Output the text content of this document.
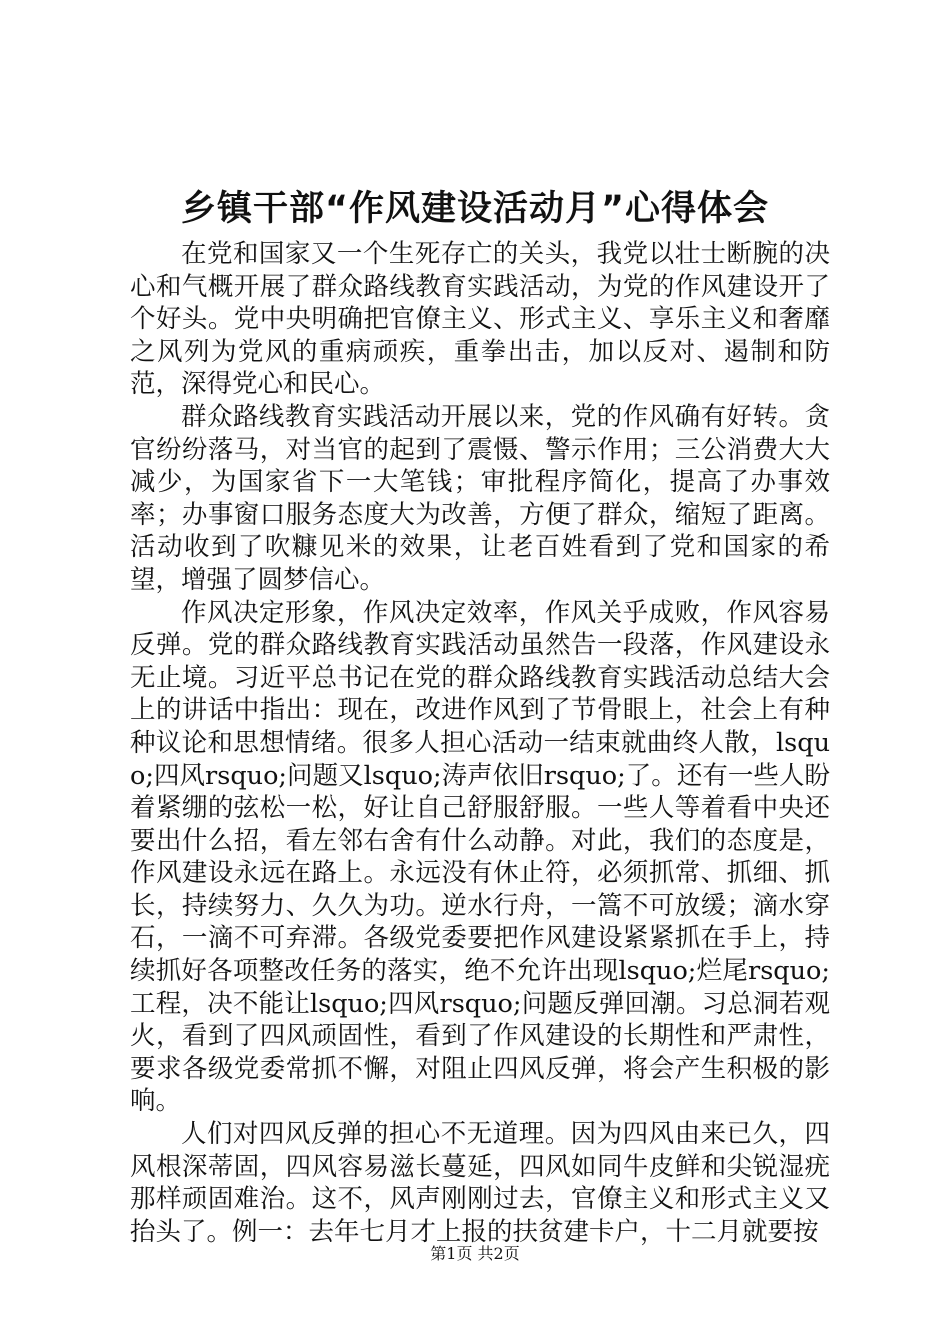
乡镇干部“作风建设活动月”心得体会

在党和国家又一个生死存亡的关头，我党以壮士断腕的决心和气概开展了群众路线教育实践活动，为党的作风建设开了个好头。党中央明确把官僚主义、形式主义、享乐主义和奢靡之风列为党风的重病顽疾，重拳出击，加以反对、遏制和防范，深得党心和民心。

群众路线教育实践活动开展以来，党的作风确有好转。贪官纷纷落马，对当官的起到了震慑、警示作用；三公消费大大减少，为国家省下一大笔钱；审批程序简化，提高了办事效率；办事窗口服务态度大为改善，方便了群众，缩短了距离。活动收到了吹糠见米的效果，让老百姓看到了党和国家的希望，增强了圆梦信心。

作风决定形象，作风决定效率，作风关乎成败，作风容易反弹。党的群众路线教育实践活动虽然告一段落，作风建设永无止境。习近平总书记在党的群众路线教育实践活动总结大会上的讲话中指出：现在，改进作风到了节骨眼上，社会上有种种议论和思想情绪。很多人担心活动一结束就曲终人散，lsquo;四风rsquo;问题又lsquo;涛声依旧rsquo;了。还有一些人盼着紧绷的弦松一松，好让自己舒服舒服。一些人等着看中央还要出什么招，看左邻右舍有什么动静。对此，我们的态度是，作风建设永远在路上。永远没有休止符，必须抓常、抓细、抓长，持续努力、久久为功。逆水行舟，一篙不可放缓；滴水穿石，一滴不可弃滞。各级党委要把作风建设紧紧抓在手上，持续抓好各项整改任务的落实，绝不允许出现lsquo;烂尾rsquo;工程，决不能让lsquo;四风rsquo;问题反弹回潮。习总洞若观火，看到了四风顽固性，看到了作风建设的长期性和严肃性，要求各级党委常抓不懈，对阻止四风反弹，将会产生积极的影响。

人们对四风反弹的担心不无道理。因为四风由来已久，四风根深蒂固，四风容易滋长蔓延，四风如同牛皮鲜和尖锐湿疣那样顽固难治。这不，风声刚刚过去，官僚主义和形式主义又抬头了。例一：去年七月才上报的扶贫建卡户，十二月就要按

第1页 共2页
